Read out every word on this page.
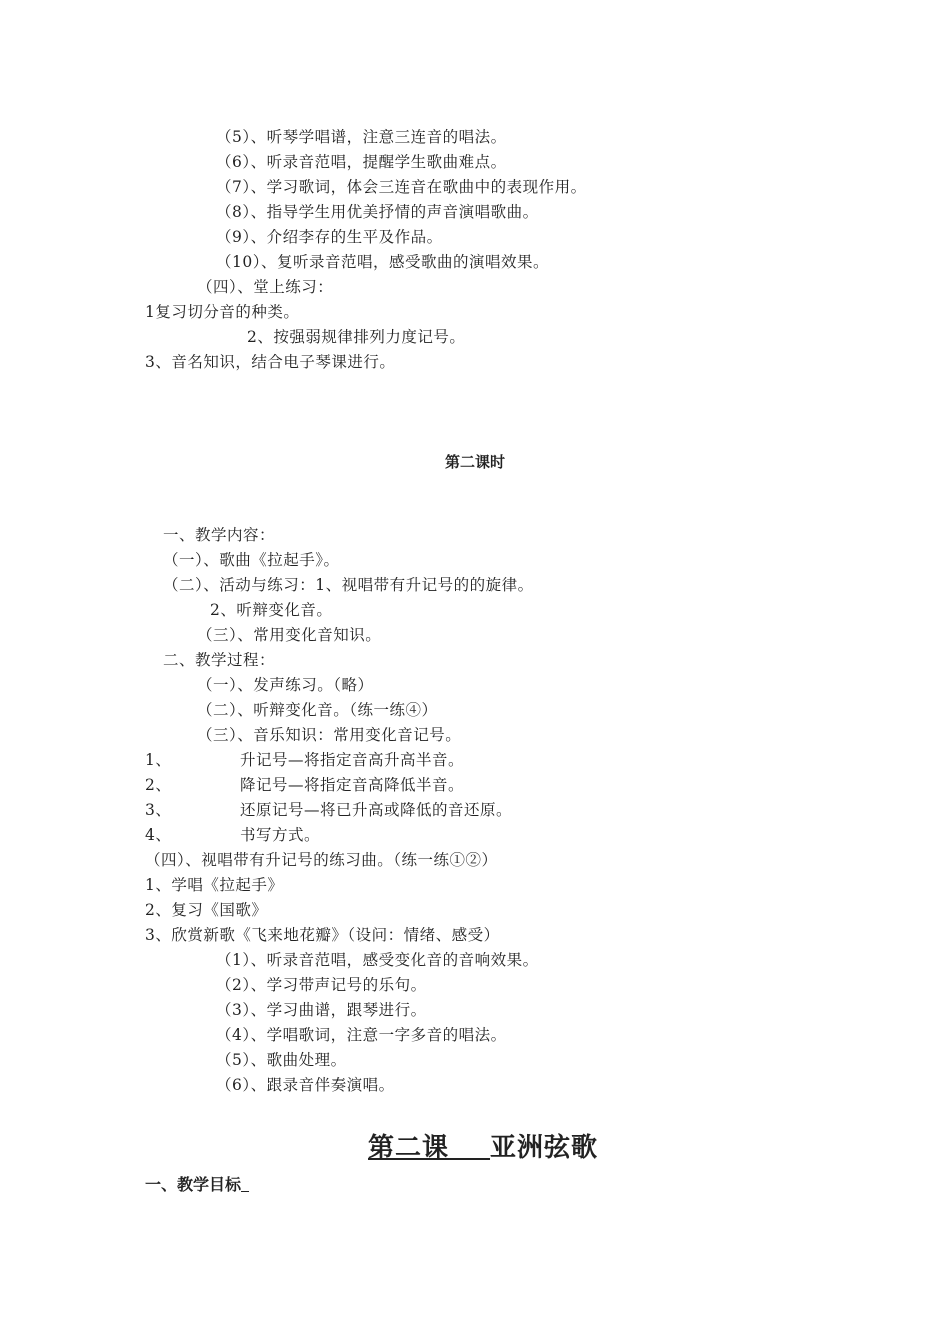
（5）、听琴学唱谱，注意三连音的唱法。
（6）、听录音范唱，提醒学生歌曲难点。
（7）、学习歌词，体会三连音在歌曲中的表现作用。
（8）、指导学生用优美抒情的声音演唱歌曲。
（9）、介绍李存的生平及作品。
（10）、复听录音范唱，感受歌曲的演唱效果。
（四）、堂上练习：
1复习切分音的种类。
2、按强弱规律排列力度记号。
3、音名知识，结合电子琴课进行。
第二课时
一、教学内容：
（一）、歌曲《拉起手》。
（二）、活动与练习：1、视唱带有升记号的的旋律。
2、听辩变化音。
（三）、常用变化音知识。
二、教学过程：
（一）、发声练习。（略）
（二）、听辩变化音。（练一练④）
（三）、音乐知识：常用变化音记号。
1、	升记号—将指定音高升高半音。
2、	降记号—将指定音高降低半音。
3、	还原记号—将已升高或降低的音还原。
4、	书写方式。
（四）、视唱带有升记号的练习曲。（练一练①②）
1、学唱《拉起手》
2、复习《国歌》
3、欣赏新歌《飞来地花瓣》（设问：情绪、感受）
（1）、听录音范唱，感受变化音的音响效果。
（2）、学习带声记号的乐句。
（3）、学习曲谱，跟琴进行。
（4）、学唱歌词，注意一字多音的唱法。
（5）、歌曲处理。
（6）、跟录音伴奏演唱。
第二课   亚洲弦歌
一、教学目标 
